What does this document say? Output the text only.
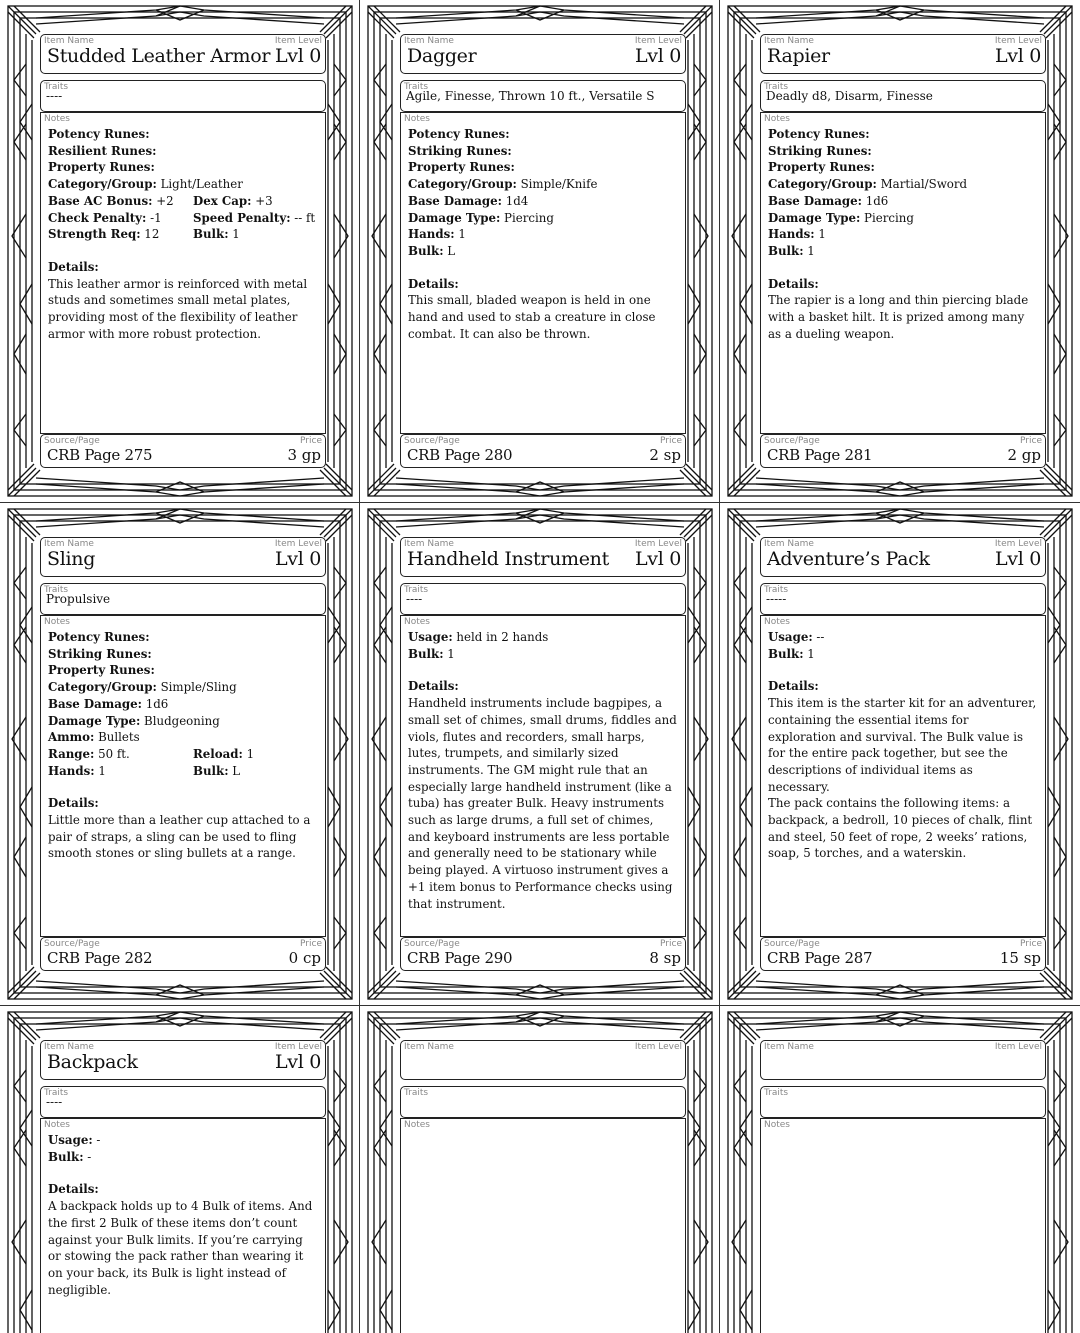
Item Name	Item Level
Studded Leather Armor Lvl 0
Traits
----
Notes
Potency Runes:
Resilient Runes:
Property Runes:
Category/Group: Light/Leather
Base AC Bonus: +2	Dex Cap: +3
Check Penalty: -1	Speed Penalty: -- ft
Strength Req: 12	Bulk: 1
Details:
This leather armor is reinforced with metal studs and sometimes small metal plates, providing most of the flexibility of leather armor with more robust protection.
Source/Page	Price
CRB Page 275	3 gp
Item Name	Item Level
Dagger	Lvl 0
Traits
Agile, Finesse, Thrown 10 ft., Versatile S
Notes
Potency Runes:
Striking Runes:
Property Runes:
Category/Group: Simple/Knife
Base Damage: 1d4
Damage Type: Piercing
Hands: 1
Bulk: L
Details:
This small, bladed weapon is held in one hand and used to stab a creature in close combat. It can also be thrown.
Source/Page	Price
CRB Page 280	2 sp
Item Name	Item Level
Rapier	Lvl 0
Traits
Deadly d8, Disarm, Finesse
Notes
Potency Runes:
Striking Runes:
Property Runes:
Category/Group: Martial/Sword
Base Damage: 1d6
Damage Type: Piercing
Hands: 1
Bulk: 1
Details:
The rapier is a long and thin piercing blade with a basket hilt. It is prized among many as a dueling weapon.
Source/Page	Price
CRB Page 281	2 gp
Item Name	Item Level
Sling	Lvl 0
Traits
Propulsive
Notes
Potency Runes:
Striking Runes:
Property Runes:
Category/Group: Simple/Sling
Base Damage: 1d6
Damage Type: Bludgeoning
Ammo: Bullets
Range: 50 ft.	Reload: 1
Hands: 1	Bulk: L
Details:
Little more than a leather cup attached to a pair of straps, a sling can be used to fling smooth stones or sling bullets at a range.
Source/Page	Price
CRB Page 282	0 cp
Item Name	Item Level
Handheld Instrument Lvl 0
Traits
----
Notes
Usage: held in 2 hands
Bulk: 1
Details:
Handheld instruments include bagpipes, a small set of chimes, small drums, fiddles and viols, flutes and recorders, small harps, lutes, trumpets, and similarly sized instruments. The GM might rule that an especially large handheld instrument (like a tuba) has greater Bulk. Heavy instruments such as large drums, a full set of chimes, and keyboard instruments are less portable and generally need to be stationary while being played. A virtuoso instrument gives a +1 item bonus to Performance checks using that instrument.
Source/Page	Price
CRB Page 290	8 sp
Item Name	Item Level
Adventure’s Pack	Lvl 0
Traits
-----
Notes
Usage: --
Bulk: 1
Details:
This item is the starter kit for an adventurer, containing the essential items for exploration and survival. The Bulk value is for the entire pack together, but see the descriptions of individual items as necessary.
The pack contains the following items: a backpack, a bedroll, 10 pieces of chalk, flint and steel, 50 feet of rope, 2 weeks’ rations, soap, 5 torches, and a waterskin.
Source/Page	Price
CRB Page 287	15 sp
Item Name	Item Level
Backpack	Lvl 0
Traits
----
Notes
Usage: -
Bulk: -
Details:
A backpack holds up to 4 Bulk of items. And the first 2 Bulk of these items don’t count against your Bulk limits. If you’re carrying or stowing the pack rather than wearing it on your back, its Bulk is light instead of negligible.
Item Name	Item Level
Traits
Notes
Item Name	Item Level
Traits
Notes
